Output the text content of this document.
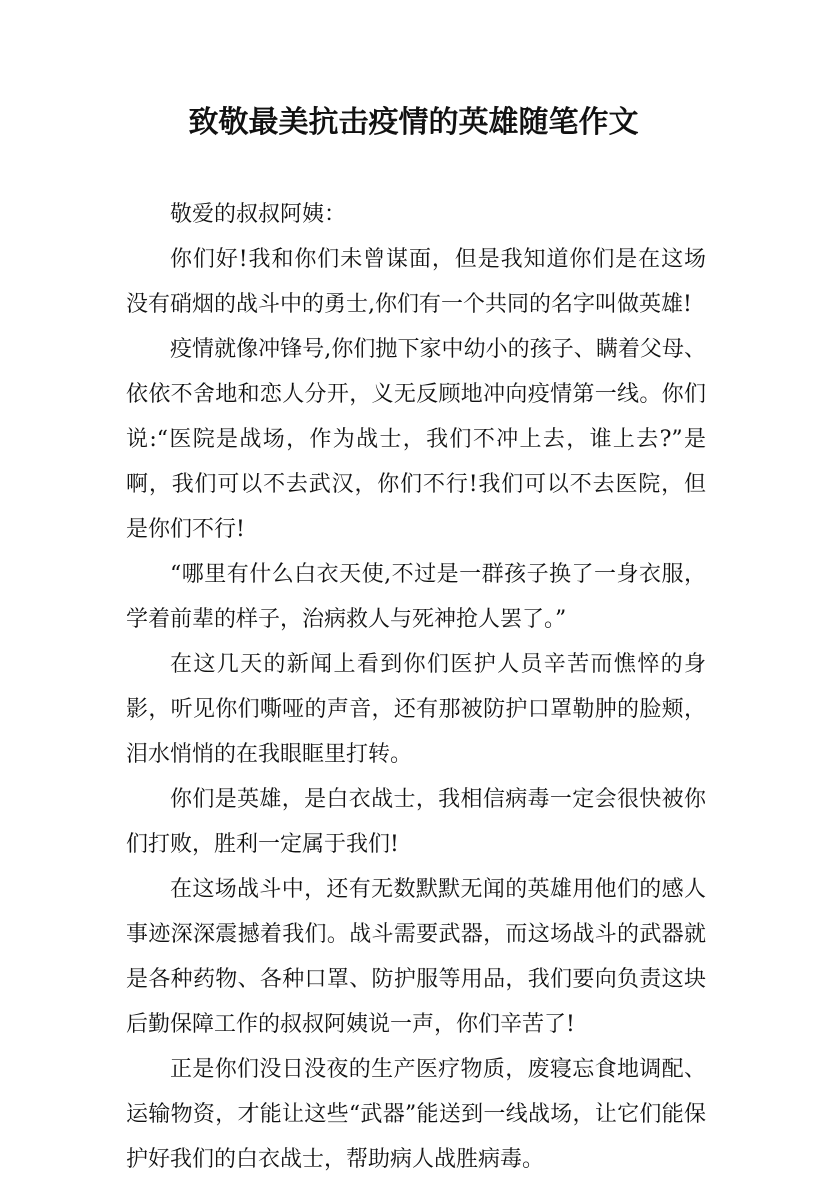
致敬最美抗击疫情的英雄随笔作文

敬爱的叔叔阿姨：

你们好!我和你们未曾谋面，但是我知道你们是在这场没有硝烟的战斗中的勇士,你们有一个共同的名字叫做英雄!

疫情就像冲锋号,你们抛下家中幼小的孩子、瞒着父母、依依不舍地和恋人分开，义无反顾地冲向疫情第一线。你们说:“医院是战场，作为战士，我们不冲上去，谁上去?”是啊，我们可以不去武汉，你们不行!我们可以不去医院，但是你们不行!

“哪里有什么白衣天使,不过是一群孩子换了一身衣服，学着前辈的样子，治病救人与死神抢人罢了。”

在这几天的新闻上看到你们医护人员辛苦而憔悴的身影，听见你们嘶哑的声音，还有那被防护口罩勒肿的脸颊，泪水悄悄的在我眼眶里打转。

你们是英雄，是白衣战士，我相信病毒一定会很快被你们打败，胜利一定属于我们!

在这场战斗中，还有无数默默无闻的英雄用他们的感人事迹深深震撼着我们。战斗需要武器，而这场战斗的武器就是各种药物、各种口罩、防护服等用品，我们要向负责这块后勤保障工作的叔叔阿姨说一声，你们辛苦了!

正是你们没日没夜的生产医疗物质，废寝忘食地调配、运输物资，才能让这些“武器”能送到一线战场，让它们能保护好我们的白衣战士，帮助病人战胜病毒。
